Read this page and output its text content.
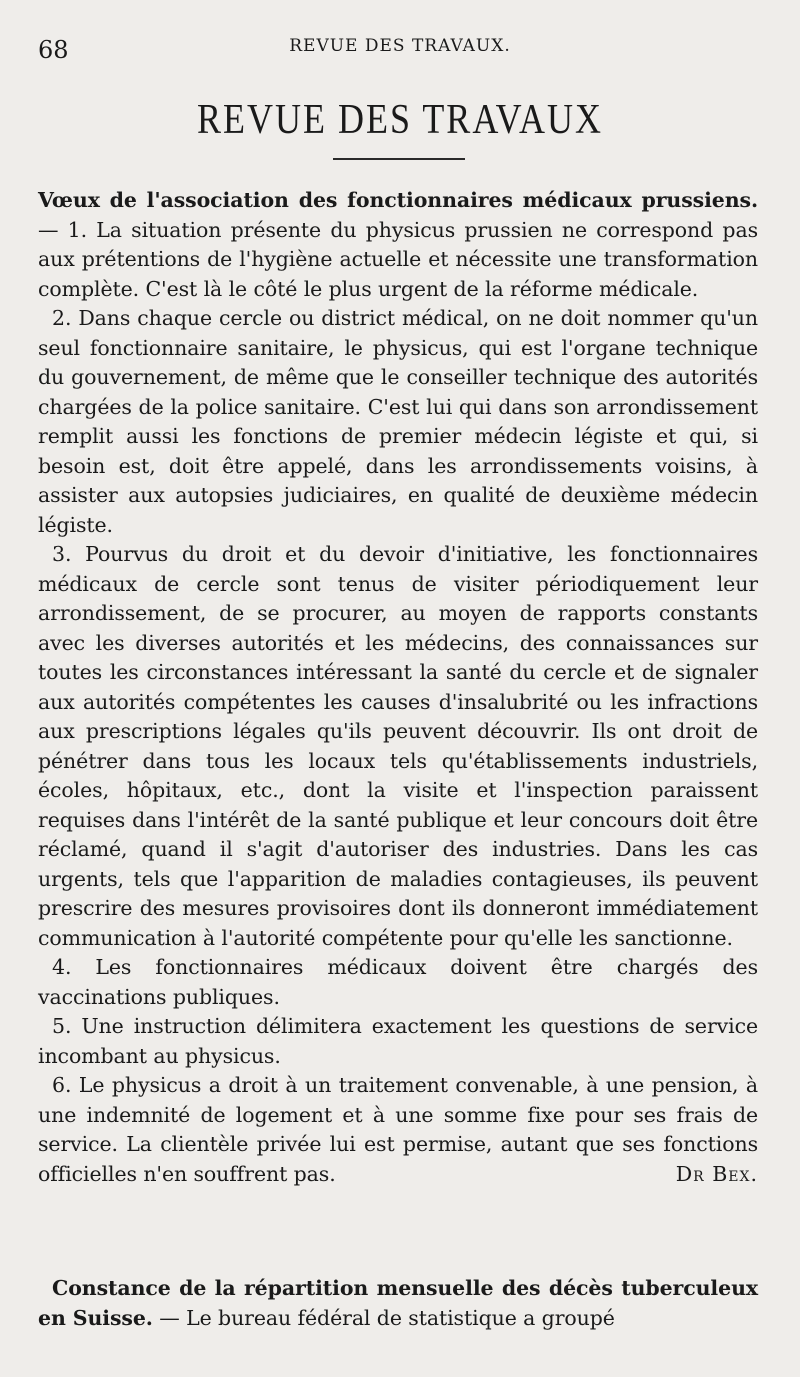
68	REVUE DES TRAVAUX.
REVUE DES TRAVAUX

Vœux de l'association des fonctionnaires médicaux prussiens. — 1. La situation présente du physicus prussien ne correspond pas aux prétentions de l'hygiène actuelle et nécessite une transformation complète. C'est là le côté le plus urgent de la réforme médicale.

2. Dans chaque cercle ou district médical, on ne doit nommer qu'un seul fonctionnaire sanitaire, le physicus, qui est l'organe technique du gouvernement, de même que le conseiller technique des autorités chargées de la police sanitaire. C'est lui qui dans son arrondissement remplit aussi les fonctions de premier médecin légiste et qui, si besoin est, doit être appelé, dans les arrondissements voisins, à assister aux autopsies judiciaires, en qualité de deuxième médecin légiste.

3. Pourvus du droit et du devoir d'initiative, les fonctionnaires médicaux de cercle sont tenus de visiter périodiquement leur arrondissement, de se procurer, au moyen de rapports constants avec les diverses autorités et les médecins, des connaissances sur toutes les circonstances intéressant la santé du cercle et de signaler aux autorités compétentes les causes d'insalubrité ou les infractions aux prescriptions légales qu'ils peuvent découvrir. Ils ont droit de pénétrer dans tous les locaux tels qu'établissements industriels, écoles, hôpitaux, etc., dont la visite et l'inspection paraissent requises dans l'intérêt de la santé publique et leur concours doit être réclamé, quand il s'agit d'autoriser des industries. Dans les cas urgents, tels que l'apparition de maladies contagieuses, ils peuvent prescrire des mesures provisoires dont ils donneront immédiatement communication à l'autorité compétente pour qu'elle les sanctionne.

4. Les fonctionnaires médicaux doivent être chargés des vaccinations publiques.

5. Une instruction délimitera exactement les questions de service incombant au physicus.

6. Le physicus a droit à un traitement convenable, à une pension, à une indemnité de logement et à une somme fixe pour ses frais de service. La clientèle privée lui est permise, autant que ses fonctions officielles n'en souffrent pas.	Dr Bex.

Constance de la répartition mensuelle des décès tuberculeux en Suisse. — Le bureau fédéral de statistique a groupé
